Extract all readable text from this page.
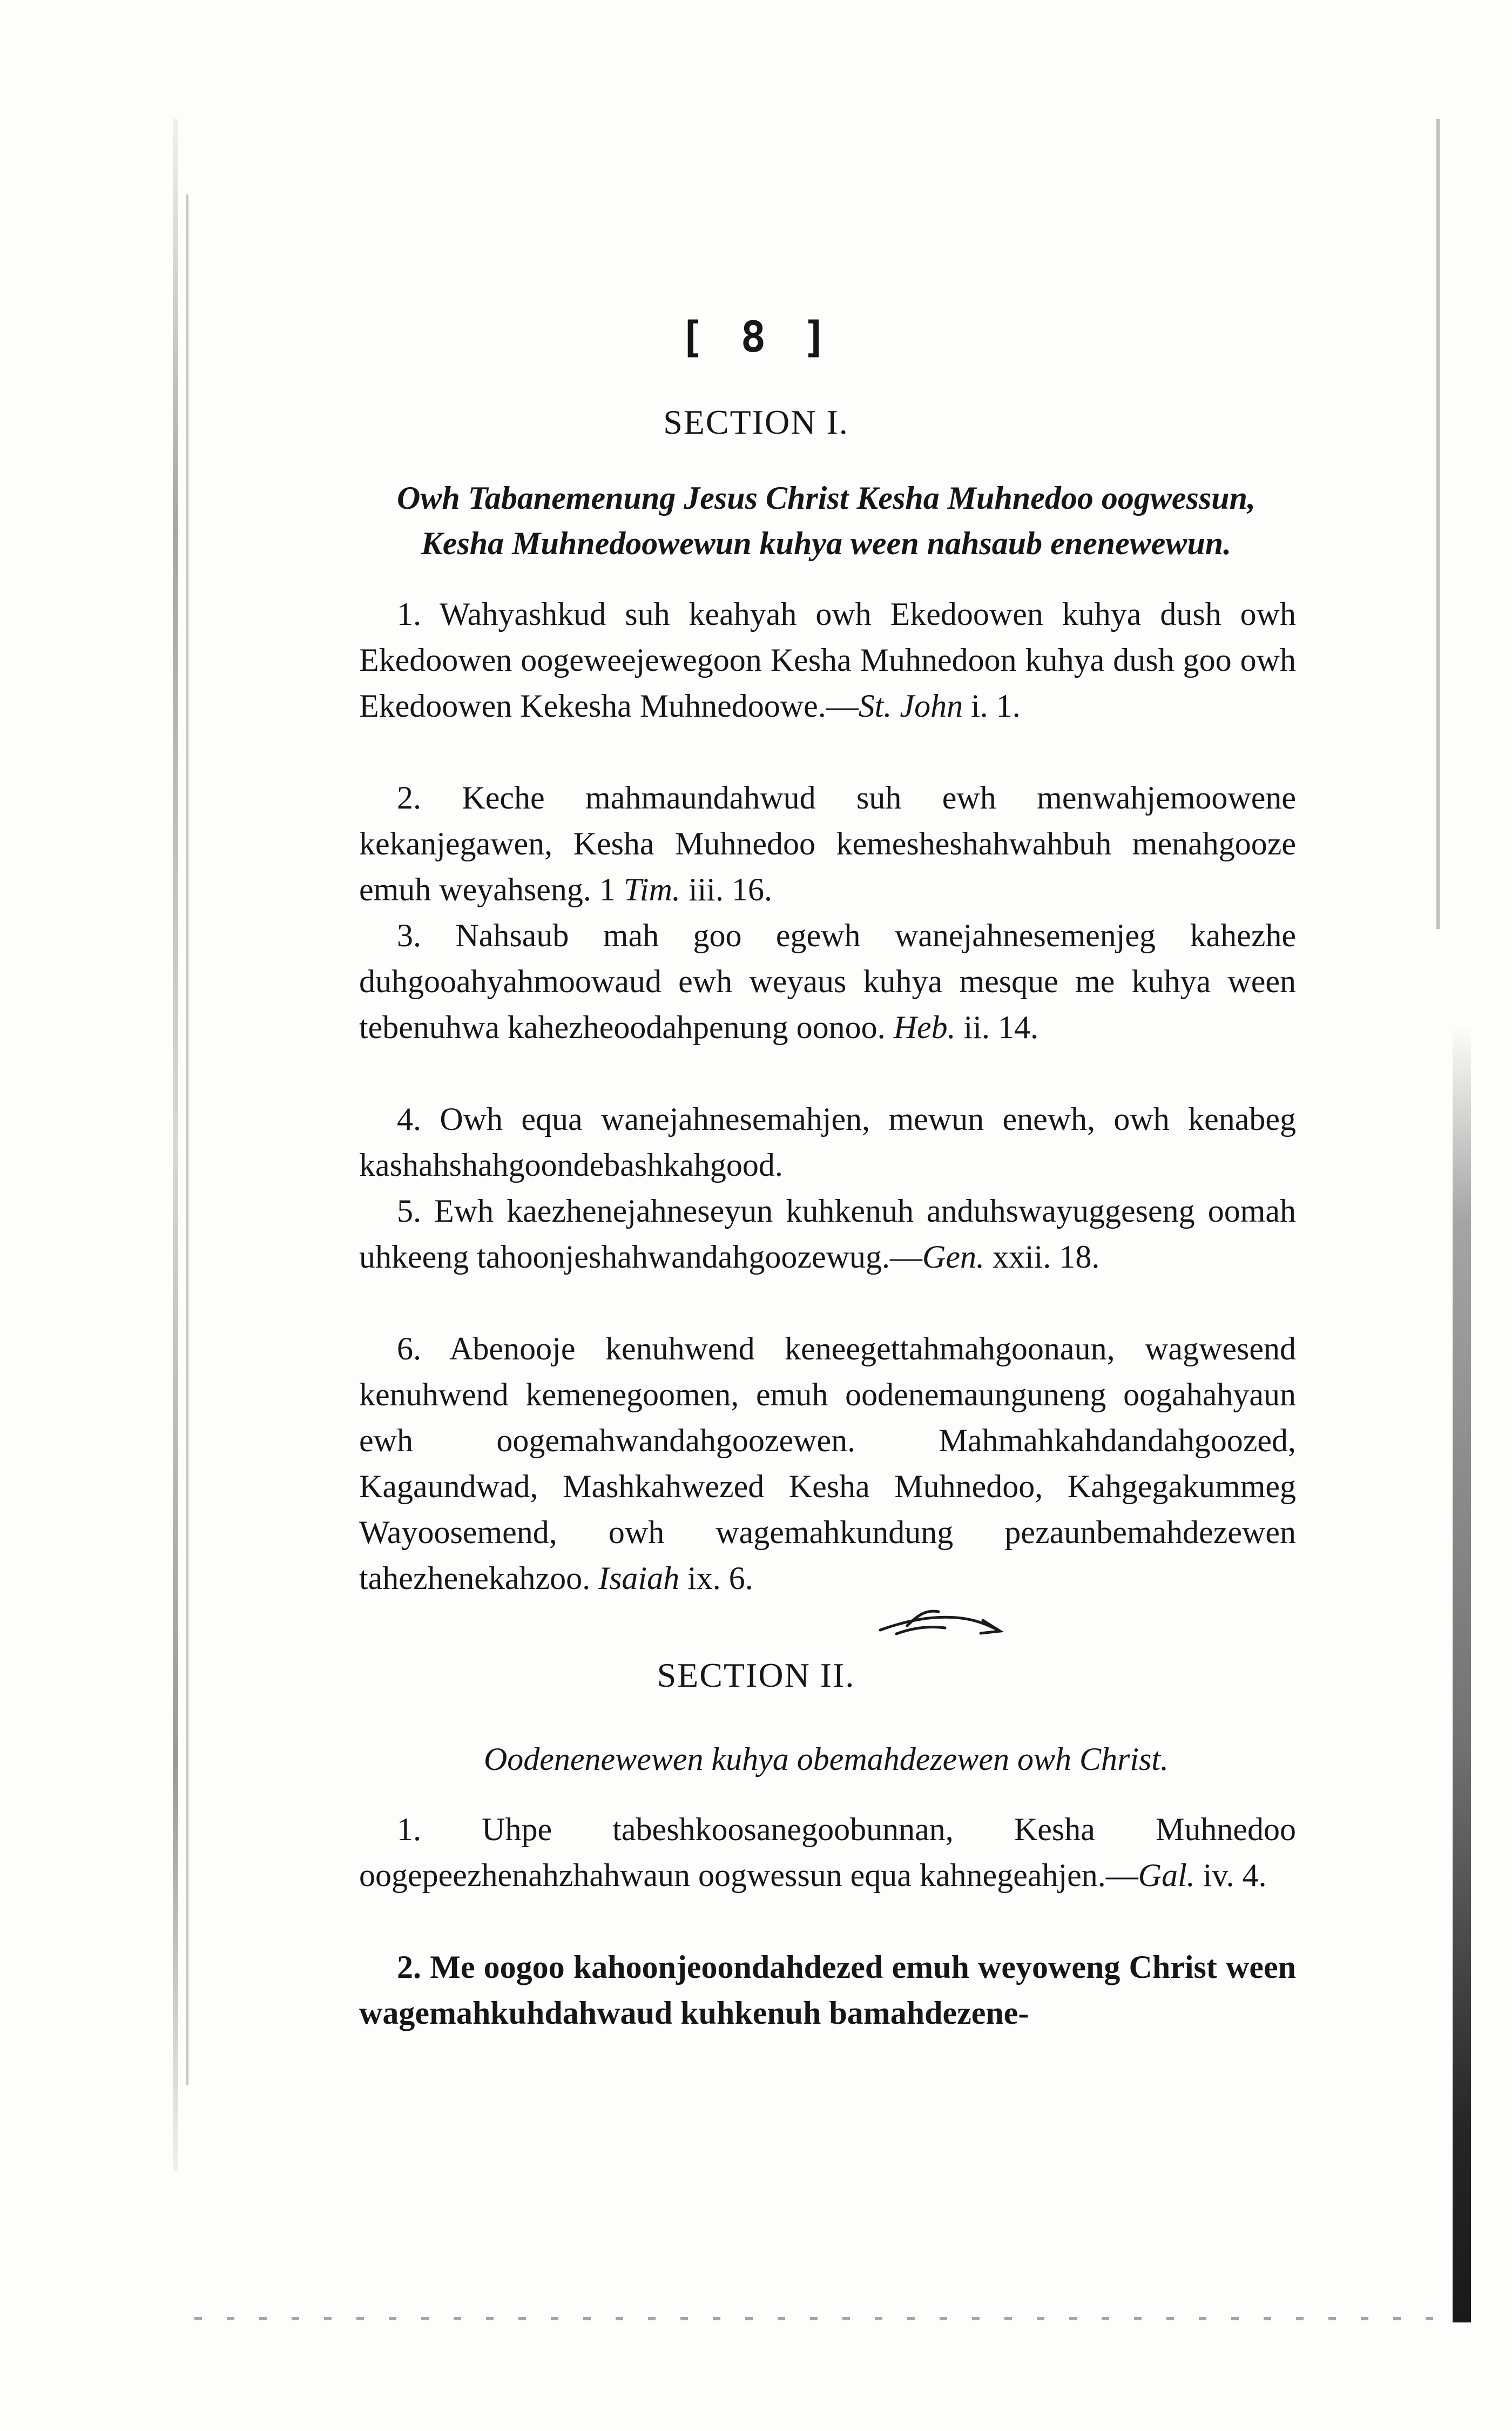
[ 8 ]
SECTION I.
Owh Tabanemenung Jesus Christ Kesha Muhnedoo oogwessun,
Kesha Muhnedoowewun kuhya ween nahsaub enenewewun.
1. Wahyashkud suh keahyah owh Ekedoowen kuhya dush owh Ekedoowen oogeweejewegoon Kesha Muhnedoon kuhya dush goo owh Ekedoowen Kekesha Muhnedoowe.—St. John i. 1.
2. Keche mahmaundahwud suh ewh menwahjemoowene kekanjegawen, Kesha Muhnedoo kemesheshahwahbuh menahgooze emuh weyahseng. 1 Tim. iii. 16.
3. Nahsaub mah goo egewh wanejahnesemenjeg kahezhe duhgooahyahmoowaud ewh weyaus kuhya mesque me kuhya ween tebenuhwa kahezheoodahpenung oonoo. Heb. ii. 14.
4. Owh equa wanejahnesemahjen, mewun enewh, owh kenabeg kashahshahgoondebashkahgood.
5. Ewh kaezhenejahneseyun kuhkenuh anduhswayuggeseng oomah uhkeeng tahoonjeshahwandahgoozewug.—Gen. xxii. 18.
6. Abenooje kenuhwend keneegettahmahgoonaun, wagwesend kenuhwend kemenegoomen, emuh oodenemaunguneng oogahahyaun ewh oogemahwandahgoozewen. Mahmahkahdandahgoozed, Kagaundwad, Mashkahwezed Kesha Muhnedoo, Kahgegakummeg Wayoosemend, owh wagemahkundung pezaunbemahdezewen tahezhenekahzoo. Isaiah ix. 6.
SECTION II.
Oodenenewewen kuhya obemahdezewen owh Christ.
1. Uhpe tabeshkoosanegoobunnan, Kesha Muhnedoo oogepeezhenahzhahwaun oogwessun equa kahnegeahjen.—Gal. iv. 4.
2. Me oogoo kahoonjeoondahdezed emuh weyoweng Christ ween wagemahkuhdahwaud kuhkenuh bamahdezene-
